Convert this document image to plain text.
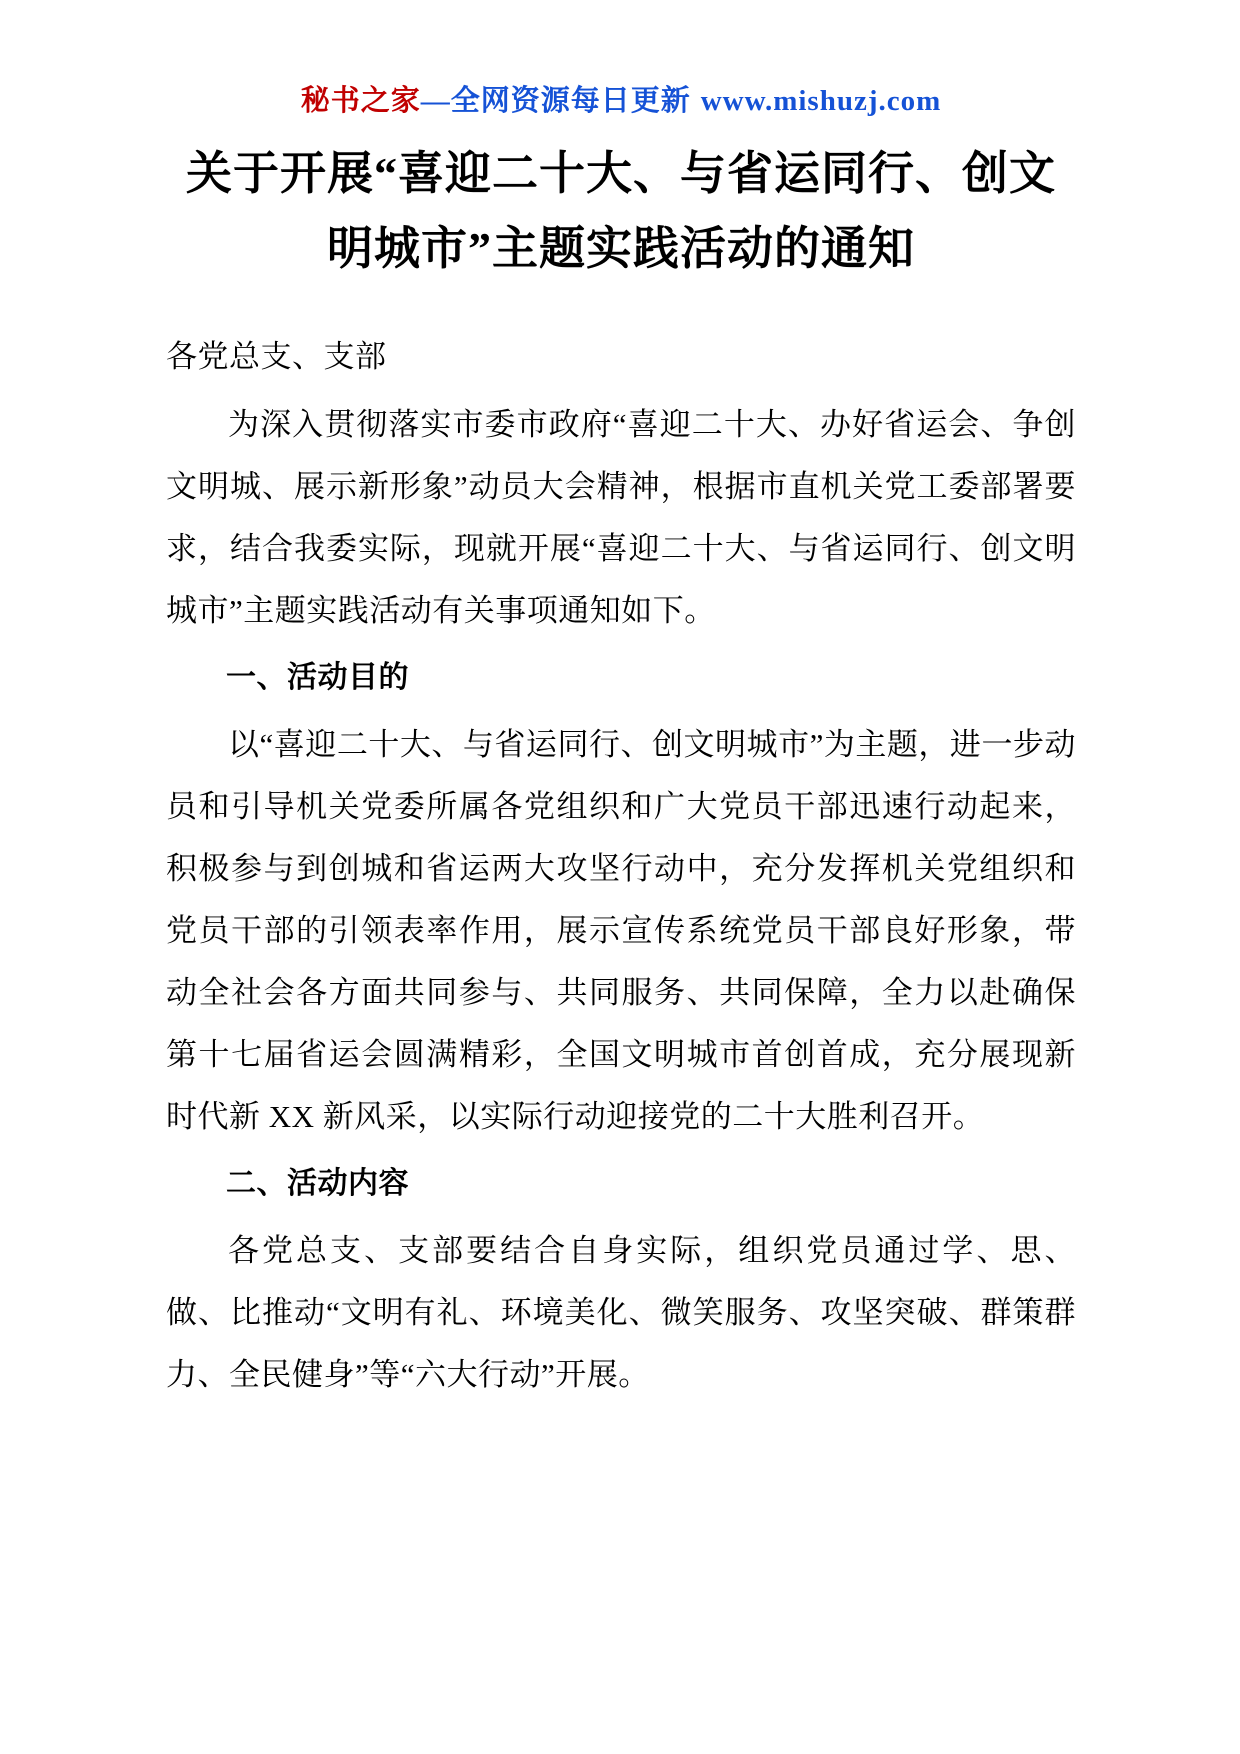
秘书之家—全网资源每日更新 www.mishuzj.com
关于开展“喜迎二十大、与省运同行、创文明城市”主题实践活动的通知

各党总支、支部

为深入贯彻落实市委市政府“喜迎二十大、办好省运会、争创文明城、展示新形象”动员大会精神，根据市直机关党工委部署要求，结合我委实际，现就开展“喜迎二十大、与省运同行、创文明城市”主题实践活动有关事项通知如下。

一、活动目的

以“喜迎二十大、与省运同行、创文明城市”为主题，进一步动员和引导机关党委所属各党组织和广大党员干部迅速行动起来，积极参与到创城和省运两大攻坚行动中，充分发挥机关党组织和党员干部的引领表率作用，展示宣传系统党员干部良好形象，带动全社会各方面共同参与、共同服务、共同保障，全力以赴确保第十七届省运会圆满精彩，全国文明城市首创首成，充分展现新时代新 XX 新风采，以实际行动迎接党的二十大胜利召开。

二、活动内容

各党总支、支部要结合自身实际，组织党员通过学、思、做、比推动“文明有礼、环境美化、微笑服务、攻坚突破、群策群力、全民健身”等“六大行动”开展。
